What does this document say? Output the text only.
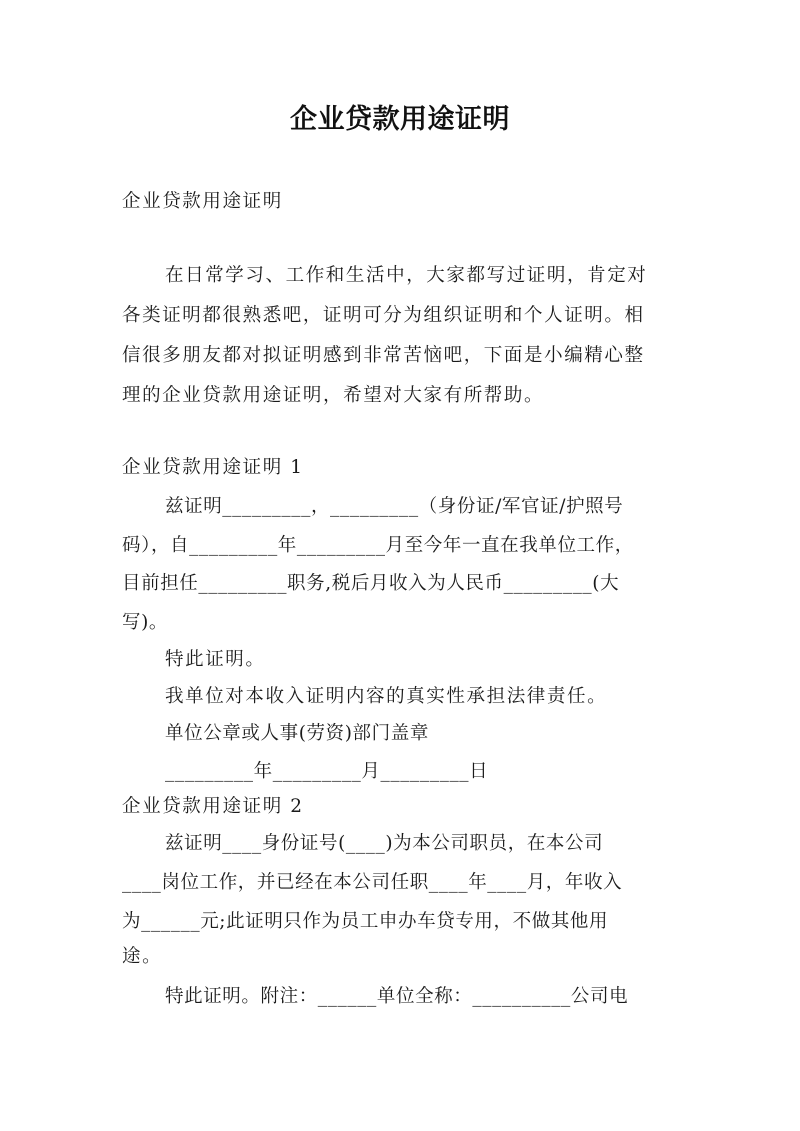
企业贷款用途证明
企业贷款用途证明
在日常学习、工作和生活中，大家都写过证明，肯定对
各类证明都很熟悉吧，证明可分为组织证明和个人证明。相
信很多朋友都对拟证明感到非常苦恼吧，下面是小编精心整
理的企业贷款用途证明，希望对大家有所帮助。
企业贷款用途证明 1
兹证明_________，_________（身份证/军官证/护照号
码），自_________年_________月至今年一直在我单位工作，
目前担任_________职务,税后月收入为人民币_________(大
写)。
特此证明。
我单位对本收入证明内容的真实性承担法律责任。
单位公章或人事(劳资)部门盖章
_________年_________月_________日
企业贷款用途证明 2
兹证明____身份证号(____)为本公司职员，在本公司
____岗位工作，并已经在本公司任职____年____月，年收入
为______元;此证明只作为员工申办车贷专用，不做其他用
途。
特此证明。附注：______单位全称：__________公司电
